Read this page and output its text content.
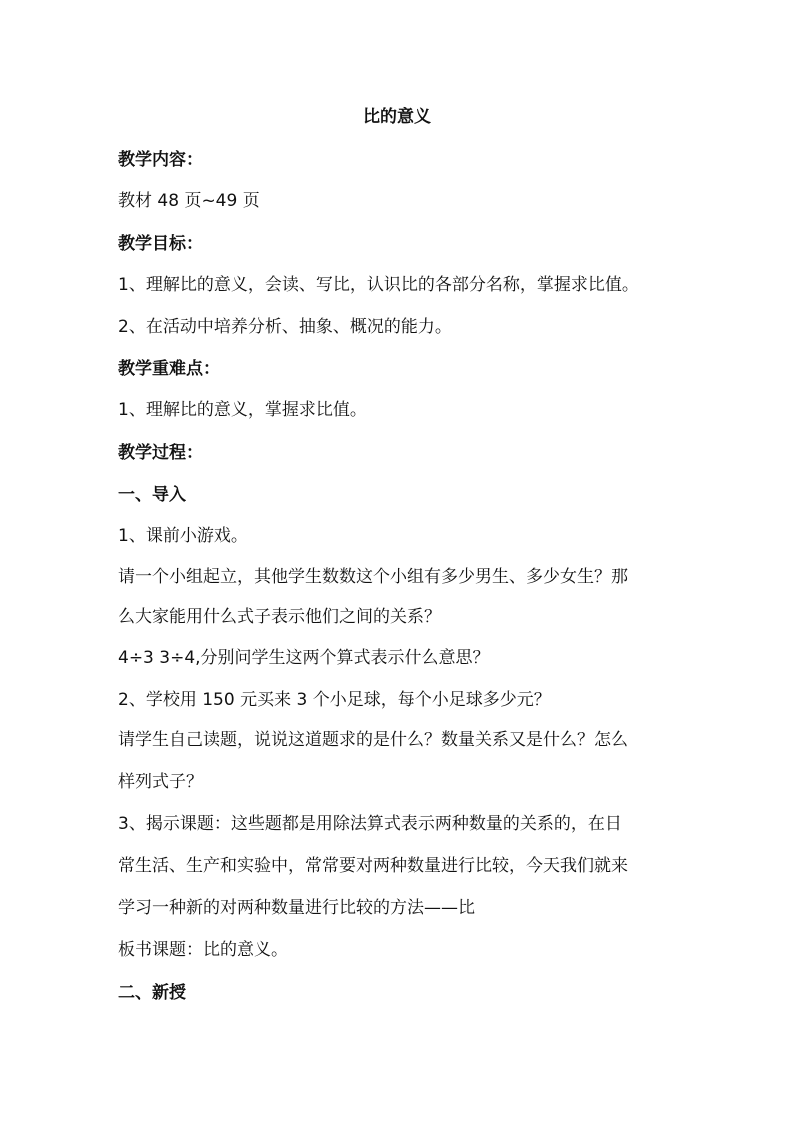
比的意义
教学内容：
教材 48 页~49 页
教学目标：
1、理解比的意义，会读、写比，认识比的各部分名称，掌握求比值。
2、在活动中培养分析、抽象、概况的能力。
教学重难点：
1、理解比的意义，掌握求比值。
教学过程：
一、导入
1、课前小游戏。
请一个小组起立，其他学生数数这个小组有多少男生、多少女生？那
么大家能用什么式子表示他们之间的关系？
4÷3 3÷4,分别问学生这两个算式表示什么意思？
2、学校用 150 元买来 3 个小足球，每个小足球多少元？
请学生自己读题，说说这道题求的是什么？数量关系又是什么？怎么
样列式子？
3、揭示课题：这些题都是用除法算式表示两种数量的关系的，在日
常生活、生产和实验中，常常要对两种数量进行比较，今天我们就来
学习一种新的对两种数量进行比较的方法——比
板书课题：比的意义。
二、新授
